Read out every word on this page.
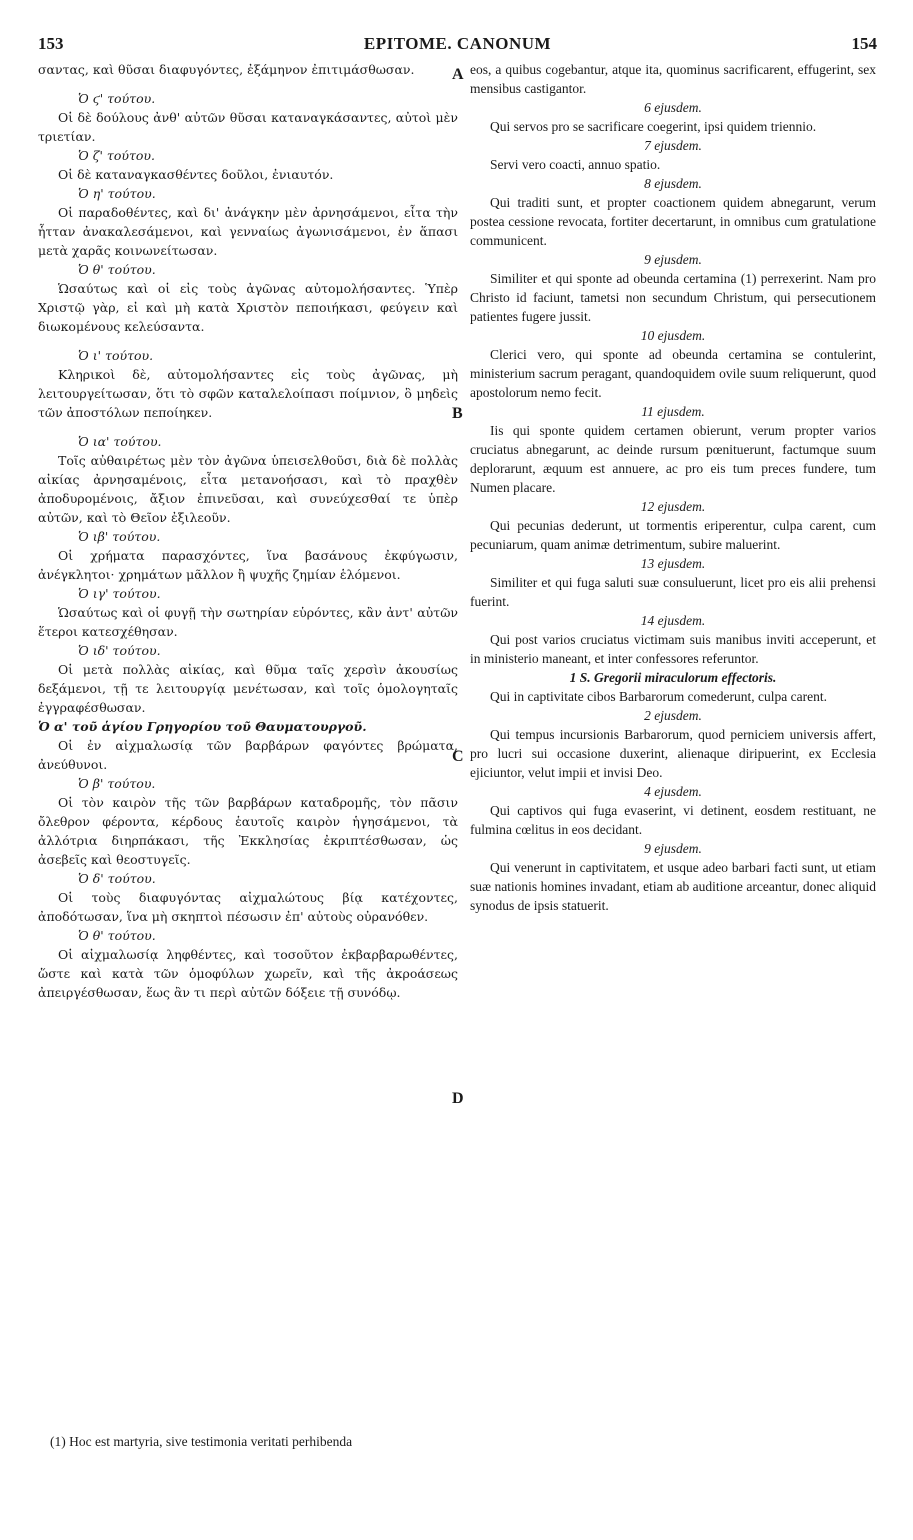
153	EPITOME. CANONUM	154
A
B
C
D

σαντας, καὶ θῦσαι διαφυγόντες, ἐξάμηνον ἐπιτιμάσθωσαν.

Ὁ ϛ' τούτου.

Οἱ δὲ δούλους ἀνθ' αὐτῶν θῦσαι καταναγκάσαντες, αὐτοὶ μὲν τριετίαν.

Ὁ ζ' τούτου.

Οἱ δὲ καταναγκασθέντες δοῦλοι, ἐνιαυτόν.

Ὁ η' τούτου.

Οἱ παραδοθέντες, καὶ δι' ἀνάγκην μὲν ἀρνησάμενοι, εἶτα τὴν ἧτταν ἀνακαλεσάμενοι, καὶ γενναίως ἀγωνισάμενοι, ἐν ἅπασι μετὰ χαρᾶς κοινωνείτωσαν.

Ὁ θ' τούτου.

Ὡσαύτως καὶ οἱ εἰς τοὺς ἀγῶνας αὐτομολήσαντες. Ὑπὲρ Χριστῷ γὰρ, εἰ καὶ μὴ κατὰ Χριστὸν πεποιήκασι, φεύγειν καὶ διωκομένους κελεύσαντα.

Ὁ ι' τούτου.

Κληρικοὶ δὲ, αὐτομολήσαντες εἰς τοὺς ἀγῶνας, μὴ λειτουργείτωσαν, ὅτι τὸ σφῶν καταλελοίπασι ποίμνιον, ὃ μηδεὶς τῶν ἀποστόλων πεποίηκεν.

Ὁ ια' τούτου.

Τοῖς αὐθαιρέτως μὲν τὸν ἀγῶνα ὑπεισελθοῦσι, διὰ δὲ πολλὰς αἰκίας ἀρνησαμένοις, εἶτα μετανοήσασι, καὶ τὸ πραχθὲν ἀποδυρομένοις, ἄξιον ἐπινεῦσαι, καὶ συνεύχεσθαί τε ὑπὲρ αὐτῶν, καὶ τὸ Θεῖον ἐξιλεοῦν.

Ὁ ιβ' τούτου.

Οἱ χρήματα παρασχόντες, ἵνα βασάνους ἐκφύγωσιν, ἀνέγκλητοι· χρημάτων μᾶλλον ἢ ψυχῆς ζημίαν ἑλόμενοι.

Ὁ ιγ' τούτου.

Ὡσαύτως καὶ οἱ φυγῇ τὴν σωτηρίαν εὑρόντες, κἂν ἀντ' αὐτῶν ἕτεροι κατεσχέθησαν.

Ὁ ιδ' τούτου.

Οἱ μετὰ πολλὰς αἰκίας, καὶ θῦμα ταῖς χερσὶν ἀκουσίως δεξάμενοι, τῇ τε λειτουργίᾳ μενέτωσαν, καὶ τοῖς ὁμολογηταῖς ἐγγραφέσθωσαν.

Ὁ α' τοῦ ἁγίου Γρηγορίου τοῦ Θαυματουργοῦ.

Οἱ ἐν αἰχμαλωσίᾳ τῶν βαρβάρων φαγόντες βρώματα, ἀνεύθυνοι.

Ὁ β' τούτου.

Οἱ τὸν καιρὸν τῆς τῶν βαρβάρων καταδρομῆς, τὸν πᾶσιν ὄλεθρον φέροντα, κέρδους ἑαυτοῖς καιρὸν ἡγησάμενοι, τὰ ἀλλότρια διηρπάκασι, τῆς Ἐκκλησίας ἐκριπτέσθωσαν, ὡς ἀσεβεῖς καὶ θεοστυγεῖς.

Ὁ δ' τούτου.

Οἱ τοὺς διαφυγόντας αἰχμαλώτους βίᾳ κατέχοντες, ἀποδότωσαν, ἵνα μὴ σκηπτοὶ πέσωσιν ἐπ' αὐτοὺς οὐρανόθεν.

Ὁ θ' τούτου.

Οἱ αἰχμαλωσίᾳ ληφθέντες, καὶ τοσοῦτον ἐκβαρβαρωθέντες, ὥστε καὶ κατὰ τῶν ὁμοφύλων χωρεῖν, καὶ τῆς ἀκροάσεως ἀπειργέσθωσαν, ἕως ἂν τι περὶ αὐτῶν δόξειε τῇ συνόδῳ.

eos, a quibus cogebantur, atque ita, quominus sacrificarent, effugerint, sex mensibus castigantor.

6 ejusdem.

Qui servos pro se sacrificare coegerint, ipsi quidem triennio.

7 ejusdem.

Servi vero coacti, annuo spatio.

8 ejusdem.

Qui traditi sunt, et propter coactionem quidem abnegarunt, verum postea cessione revocata, fortiter decertarunt, in omnibus cum gratulatione communicent.

9 ejusdem.

Similiter et qui sponte ad obeunda certamina (1) perrexerint. Nam pro Christo id faciunt, tametsi non secundum Christum, qui persecutionem patientes fugere jussit.

10 ejusdem.

Clerici vero, qui sponte ad obeunda certamina se contulerint, ministerium sacrum peragant, quandoquidem ovile suum reliquerunt, quod apostolorum nemo fecit.

11 ejusdem.

Iis qui sponte quidem certamen obierunt, verum propter varios cruciatus abnegarunt, ac deinde rursum pœnituerunt, factumque suum deplorarunt, æquum est annuere, ac pro eis tum preces fundere, tum Numen placare.

12 ejusdem.

Qui pecunias dederunt, ut tormentis eriperentur, culpa carent, cum pecuniarum, quam animæ detrimentum, subire maluerint.

13 ejusdem.

Similiter et qui fuga saluti suæ consuluerunt, licet pro eis alii prehensi fuerint.

14 ejusdem.

Qui post varios cruciatus victimam suis manibus inviti acceperunt, et in ministerio maneant, et inter confessores referuntor.

1 S. Gregorii miraculorum effectoris.

Qui in captivitate cibos Barbarorum comederunt, culpa carent.

2 ejusdem.

Qui tempus incursionis Barbarorum, quod perniciem universis affert, pro lucri sui occasione duxerint, alienaque diripuerint, ex Ecclesia ejiciuntor, velut impii et invisi Deo.

4 ejusdem.

Qui captivos qui fuga evaserint, vi detinent, eosdem restituant, ne fulmina cœlitus in eos decidant.

9 ejusdem.

Qui venerunt in captivitatem, et usque adeo barbari facti sunt, ut etiam suæ nationis homines invadant, etiam ab auditione arceantur, donec aliquid synodus de ipsis statuerit.

(1) Hoc est martyria, sive testimonia veritati perhibenda
